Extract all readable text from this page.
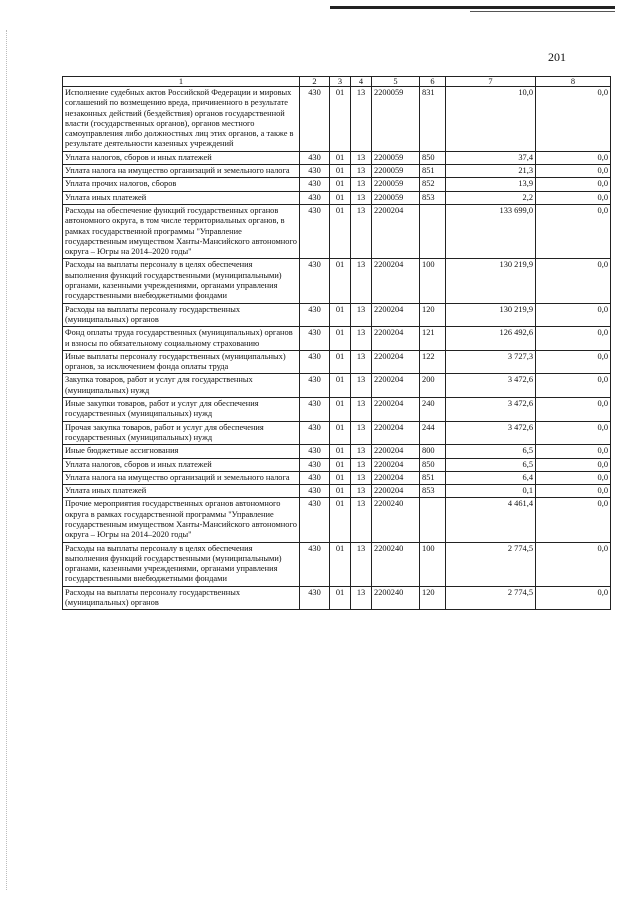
201
1	2	3	4	5	6	7	8
Исполнение судебных актов Российской Федерации и мировых соглашений по возмещению вреда, причиненного в результате незаконных действий (бездействия) органов государственной власти (государственных органов), органов местного самоуправления либо должностных лиц этих органов, а также в результате деятельности казенных учреждений	430	01	13	2200059	831	10,0	0,0
Уплата налогов, сборов и иных платежей	430	01	13	2200059	850	37,4	0,0
Уплата налога на имущество организаций и земельного налога	430	01	13	2200059	851	21,3	0,0
Уплата прочих налогов, сборов	430	01	13	2200059	852	13,9	0,0
Уплата иных платежей	430	01	13	2200059	853	2,2	0,0
Расходы на обеспечение функций государственных органов автономного округа, в том числе территориальных органов, в рамках государственной программы "Управление государственным имуществом Ханты-Мансийского автономного округа – Югры на 2014–2020 годы"	430	01	13	2200204		133 699,0	0,0
Расходы на выплаты персоналу в целях обеспечения выполнения функций государственными (муниципальными) органами, казенными учреждениями, органами управления государственными внебюджетными фондами	430	01	13	2200204	100	130 219,9	0,0
Расходы на выплаты персоналу государственных (муниципальных) органов	430	01	13	2200204	120	130 219,9	0,0
Фонд оплаты труда государственных (муниципальных) органов и взносы по обязательному социальному страхованию	430	01	13	2200204	121	126 492,6	0,0
Иные выплаты персоналу государственных (муниципальных) органов, за исключением фонда оплаты труда	430	01	13	2200204	122	3 727,3	0,0
Закупка товаров, работ и услуг для государственных (муниципальных) нужд	430	01	13	2200204	200	3 472,6	0,0
Иные закупки товаров, работ и услуг для обеспечения государственных (муниципальных) нужд	430	01	13	2200204	240	3 472,6	0,0
Прочая закупка товаров, работ и услуг для обеспечения государственных (муниципальных) нужд	430	01	13	2200204	244	3 472,6	0,0
Иные бюджетные ассигнования	430	01	13	2200204	800	6,5	0,0
Уплата налогов, сборов и иных платежей	430	01	13	2200204	850	6,5	0,0
Уплата налога на имущество организаций и земельного налога	430	01	13	2200204	851	6,4	0,0
Уплата иных платежей	430	01	13	2200204	853	0,1	0,0
Прочие мероприятия государственных органов автономного округа в рамках государственной программы "Управление государственным имуществом Ханты-Мансийского автономного округа – Югры на 2014–2020 годы"	430	01	13	2200240		4 461,4	0,0
Расходы на выплаты персоналу в целях обеспечения выполнения функций государственными (муниципальными) органами, казенными учреждениями, органами управления государственными внебюджетными фондами	430	01	13	2200240	100	2 774,5	0,0
Расходы на выплаты персоналу государственных (муниципальных) органов	430	01	13	2200240	120	2 774,5	0,0
